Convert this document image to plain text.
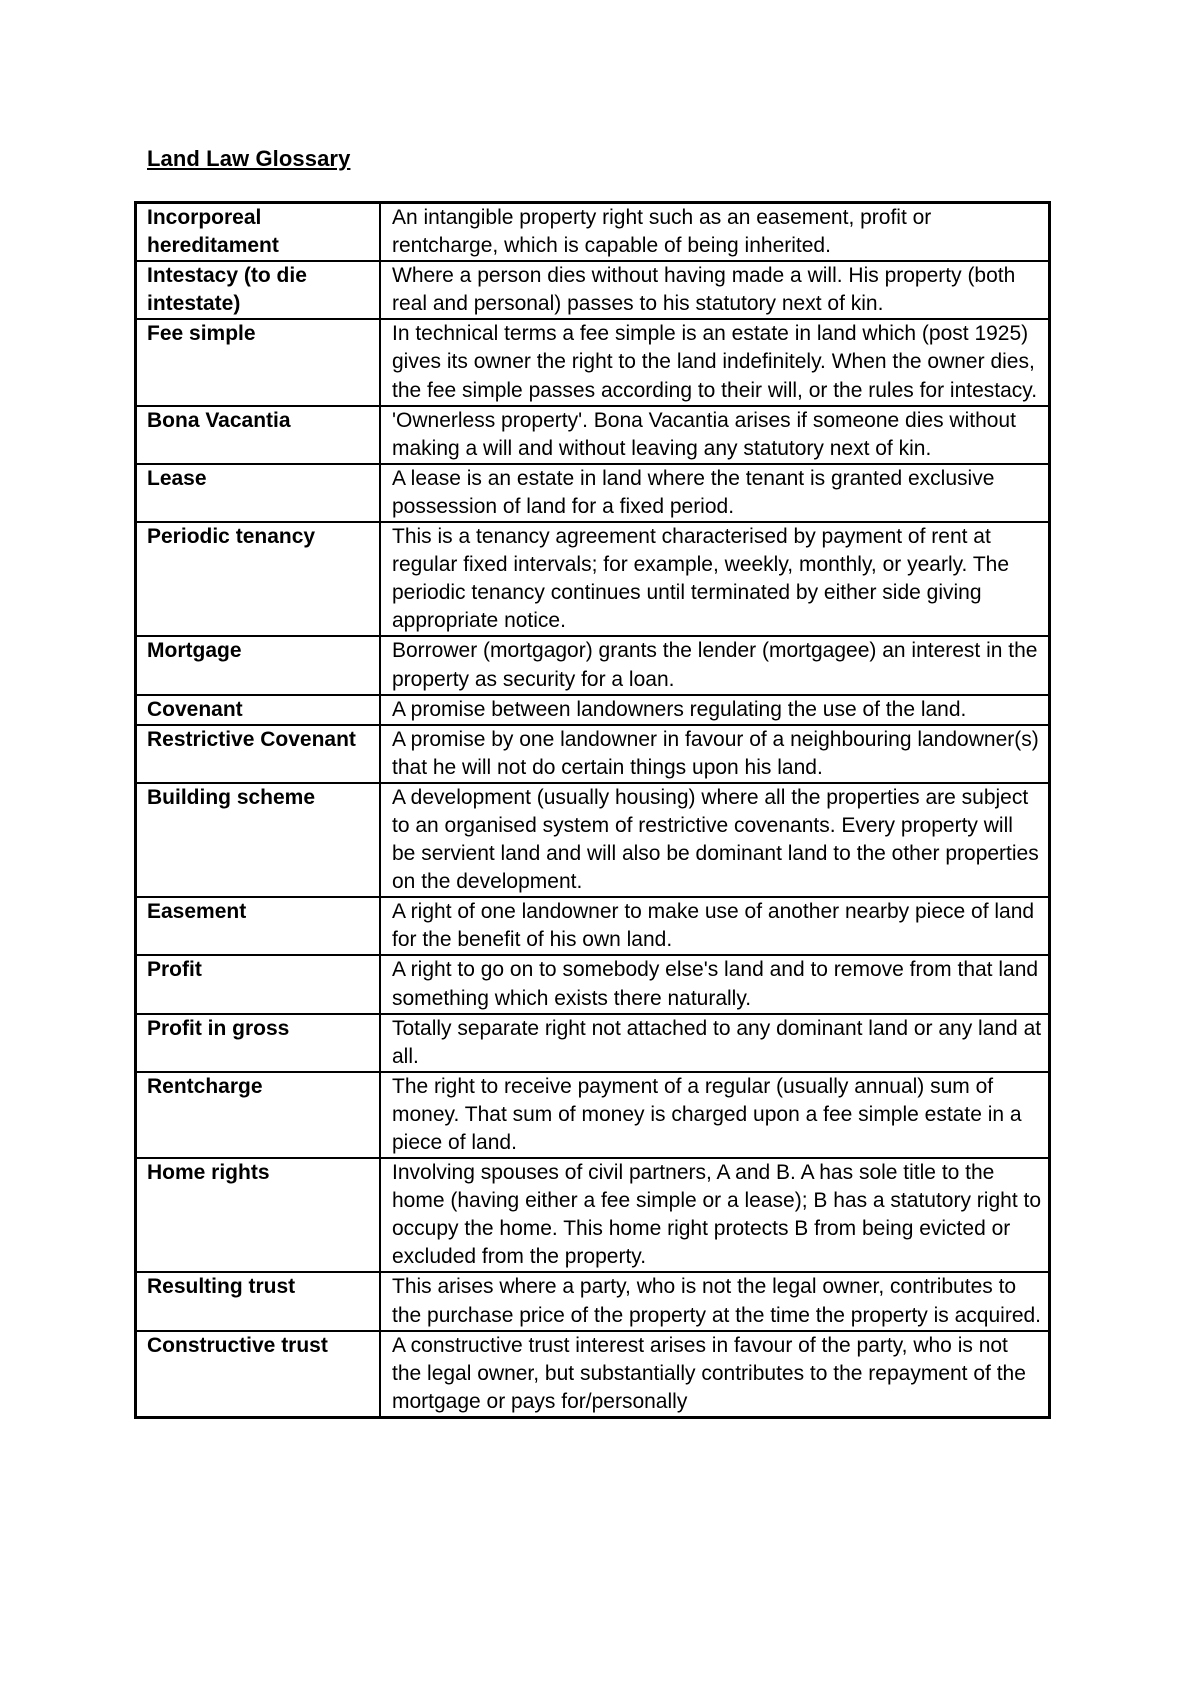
Land Law Glossary
Incorporeal hereditament	An intangible property right such as an easement, profit or rentcharge, which is capable of being inherited.
Intestacy (to die intestate)	Where a person dies without having made a will. His property (both real and personal) passes to his statutory next of kin.
Fee simple	In technical terms a fee simple is an estate in land which (post 1925) gives its owner the right to the land indefinitely. When the owner dies, the fee simple passes according to their will, or the rules for intestacy.
Bona Vacantia	'Ownerless property'. Bona Vacantia arises if someone dies without making a will and without leaving any statutory next of kin.
Lease	A lease is an estate in land where the tenant is granted exclusive possession of land for a fixed period.
Periodic tenancy	This is a tenancy agreement characterised by payment of rent at regular fixed intervals; for example, weekly, monthly, or yearly. The periodic tenancy continues until terminated by either side giving appropriate notice.
Mortgage	Borrower (mortgagor) grants the lender (mortgagee) an interest in the property as security for a loan.
Covenant	A promise between landowners regulating the use of the land.
Restrictive Covenant	A promise by one landowner in favour of a neighbouring landowner(s) that he will not do certain things upon his land.
Building scheme	A development (usually housing) where all the properties are subject to an organised system of restrictive covenants. Every property will be servient land and will also be dominant land to the other properties on the development.
Easement	A right of one landowner to make use of another nearby piece of land for the benefit of his own land.
Profit	A right to go on to somebody else's land and to remove from that land something which exists there naturally.
Profit in gross	Totally separate right not attached to any dominant land or any land at all.
Rentcharge	The right to receive payment of a regular (usually annual) sum of money. That sum of money is charged upon a fee simple estate in a piece of land.
Home rights	Involving spouses of civil partners, A and B. A has sole title to the home (having either a fee simple or a lease); B has a statutory right to occupy the home. This home right protects B from being evicted or excluded from the property.
Resulting trust	This arises where a party, who is not the legal owner, contributes to the purchase price of the property at the time the property is acquired.
Constructive trust	A constructive trust interest arises in favour of the party, who is not the legal owner, but substantially contributes to the repayment of the mortgage or pays for/personally
